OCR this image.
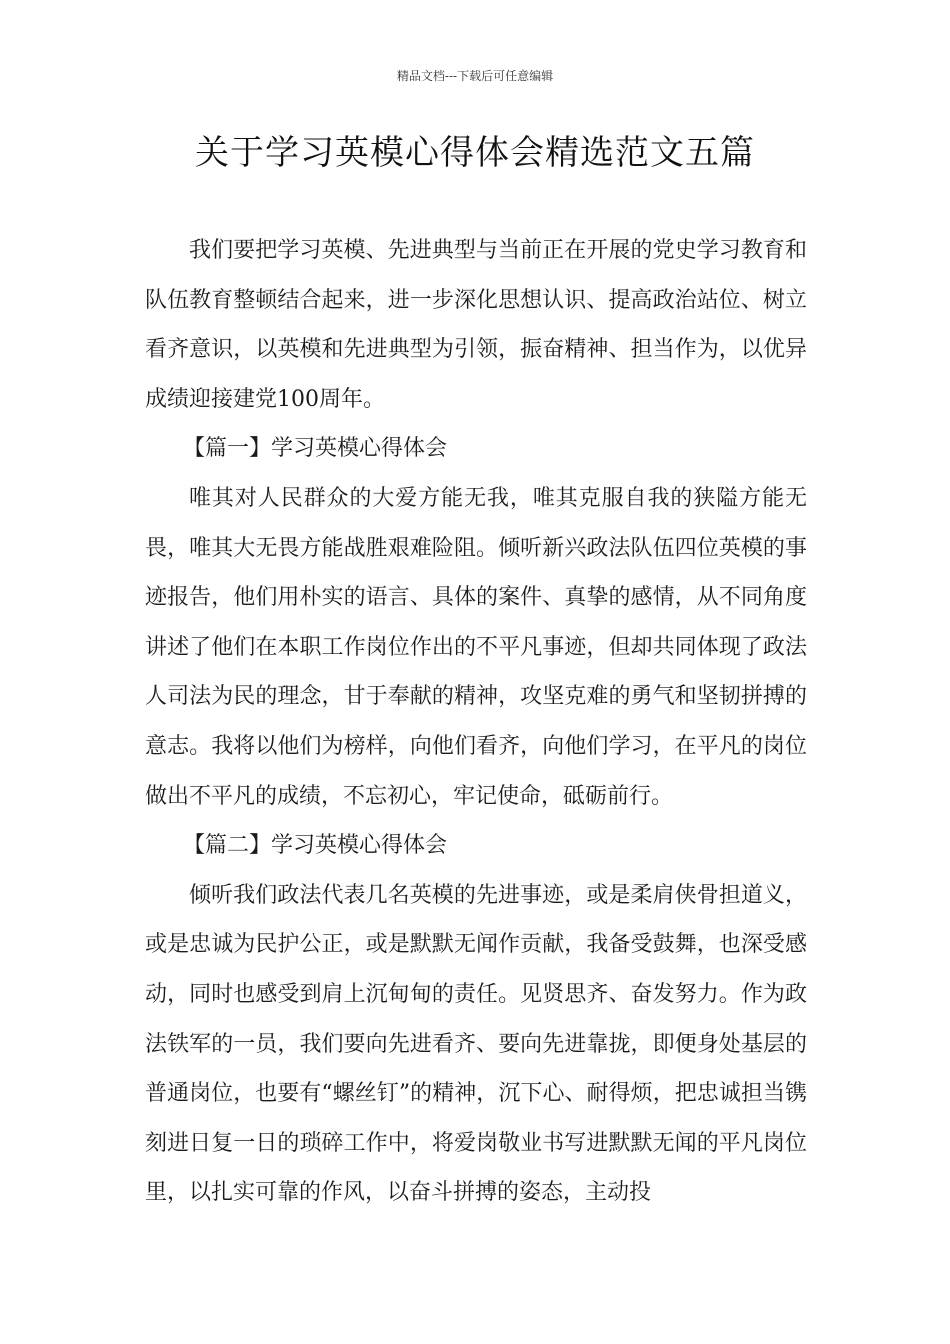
精品文档---下载后可任意编辑
关于学习英模心得体会精选范文五篇

我们要把学习英模、先进典型与当前正在开展的党史学习教育和队伍教育整顿结合起来，进一步深化思想认识、提高政治站位、树立看齐意识，以英模和先进典型为引领，振奋精神、担当作为，以优异成绩迎接建党100周年。

【篇一】学习英模心得体会

唯其对人民群众的大爱方能无我，唯其克服自我的狭隘方能无畏，唯其大无畏方能战胜艰难险阻。倾听新兴政法队伍四位英模的事迹报告，他们用朴实的语言、具体的案件、真挚的感情，从不同角度讲述了他们在本职工作岗位作出的不平凡事迹，但却共同体现了政法人司法为民的理念，甘于奉献的精神，攻坚克难的勇气和坚韧拼搏的意志。我将以他们为榜样，向他们看齐，向他们学习，在平凡的岗位做出不平凡的成绩，不忘初心，牢记使命，砥砺前行。

【篇二】学习英模心得体会

倾听我们政法代表几名英模的先进事迹，或是柔肩侠骨担道义，或是忠诚为民护公正，或是默默无闻作贡献，我备受鼓舞，也深受感动，同时也感受到肩上沉甸甸的责任。见贤思齐、奋发努力。作为政法铁军的一员，我们要向先进看齐、要向先进靠拢，即便身处基层的普通岗位，也要有“螺丝钉”的精神，沉下心、耐得烦，把忠诚担当镌刻进日复一日的琐碎工作中，将爱岗敬业书写进默默无闻的平凡岗位里，以扎实可靠的作风，以奋斗拼搏的姿态，主动投
